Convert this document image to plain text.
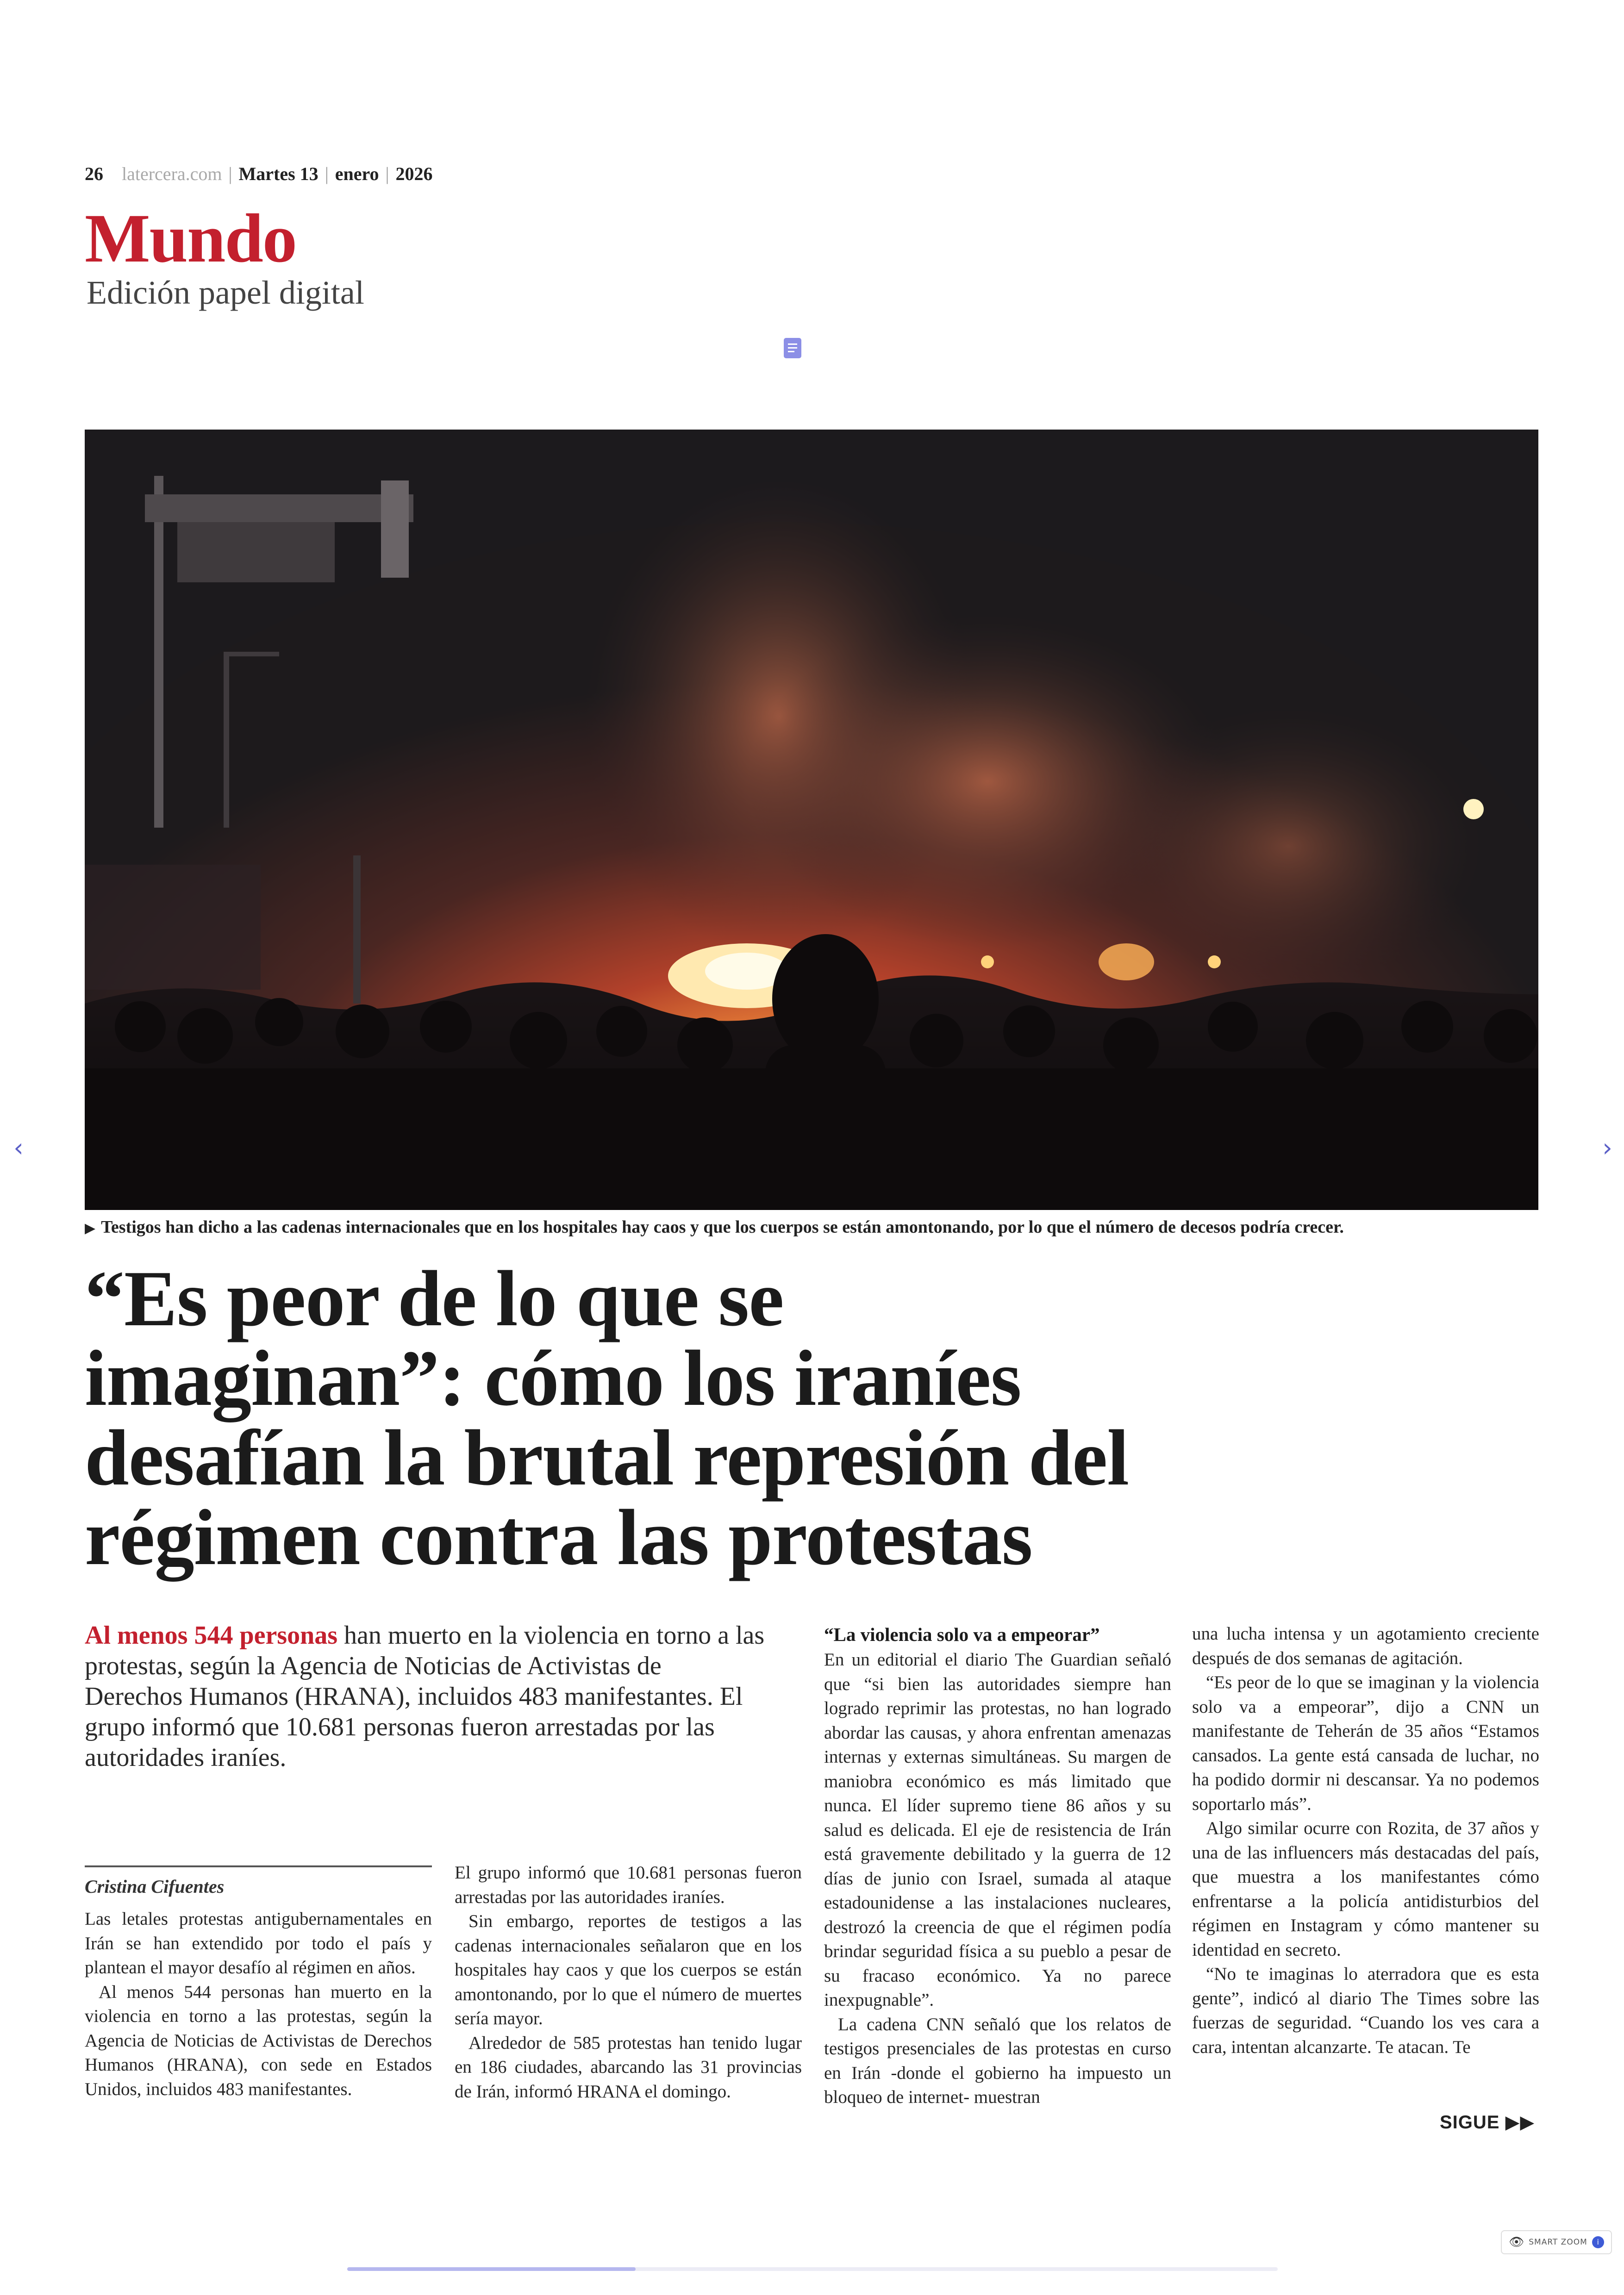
26 latercera.com | Martes 13 | enero | 2026
Mundo
Edición papel digital
▶ Testigos han dicho a las cadenas internacionales que en los hospitales hay caos y que los cuerpos se están amontonando, por lo que el número de decesos podría crecer.
“Es peor de lo que se
imaginan”: cómo los iraníes
desafían la brutal represión del
régimen contra las protestas
Al menos 544 personas han muerto en la violencia en torno a las protestas, según la Agencia de Noticias de Activistas de Derechos Humanos (HRANA), incluidos 483 manifestantes. El grupo informó que 10.681 personas fueron arrestadas por las autoridades iraníes.
Cristina Cifuentes

Las letales protestas antigubernamentales en Irán se han extendido por todo el país y plantean el mayor desafío al régimen en años.

Al menos 544 personas han muerto en la violencia en torno a las protestas, según la Agencia de Noticias de Activistas de Derechos Humanos (HRANA), con sede en Estados Unidos, incluidos 483 manifestantes.

El grupo informó que 10.681 personas fueron arrestadas por las autoridades iraníes.

Sin embargo, reportes de testigos a las cadenas internacionales señalaron que en los hospitales hay caos y que los cuerpos se están amontonando, por lo que el número de muertes sería mayor.

Alrededor de 585 protestas han tenido lugar en 186 ciudades, abarcando las 31 provincias de Irán, informó HRANA el domingo.

“La violencia solo va a empeorar”

En un editorial el diario The Guardian señaló que “si bien las autoridades siempre han logrado reprimir las protestas, no han logrado abordar las causas, y ahora enfrentan amenazas internas y externas simultáneas. Su margen de maniobra económico es más limitado que nunca. El líder supremo tiene 86 años y su salud es delicada. El eje de resistencia de Irán está gravemente debilitado y la guerra de 12 días de junio con Israel, sumada al ataque estadounidense a las instalaciones nucleares, destrozó la creencia de que el régimen podía brindar seguridad física a su pueblo a pesar de su fracaso económico. Ya no parece inexpugnable”.

La cadena CNN señaló que los relatos de testigos presenciales de las protestas en curso en Irán -donde el gobierno ha impuesto un bloqueo de internet- muestran

una lucha intensa y un agotamiento creciente después de dos semanas de agitación.

“Es peor de lo que se imaginan y la violencia solo va a empeorar”, dijo a CNN un manifestante de Teherán de 35 años “Estamos cansados. La gente está cansada de luchar, no ha podido dormir ni descansar. Ya no podemos soportarlo más”.

Algo similar ocurre con Rozita, de 37 años y una de las influencers más destacadas del país, que muestra a los manifestantes cómo enfrentarse a la policía antidisturbios del régimen en Instagram y cómo mantener su identidad en secreto.

“No te imaginas lo aterradora que es esta gente”, indicó al diario The Times sobre las fuerzas de seguridad. “Cuando los ves cara a cara, intentan alcanzarte. Te atacan. Te

SIGUE ▶▶
‹	›
👁 SMART ZOOM	i
